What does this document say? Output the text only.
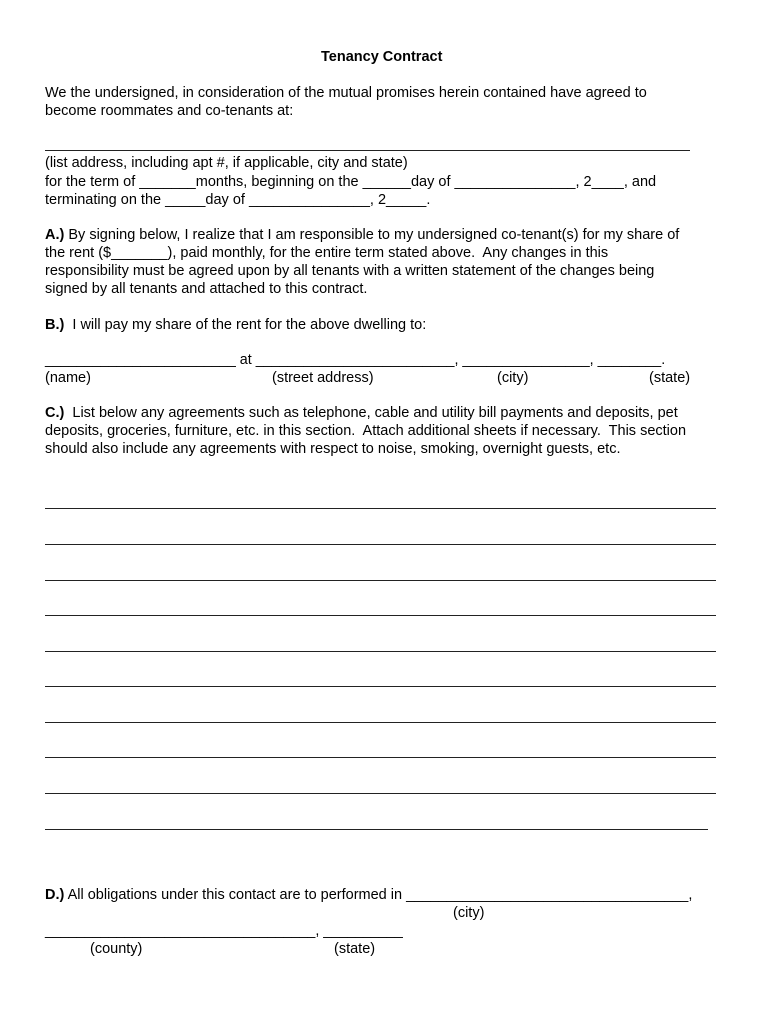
Tenancy Contract
We the undersigned, in consideration of the mutual promises herein contained have agreed to
become roommates and co-tenants at:
(list address, including apt #, if applicable, city and state)
for the term of _______months, beginning on the ______day of _______________, 2____, and
terminating on the _____day of _______________, 2_____.
A.) By signing below, I realize that I am responsible to my undersigned co-tenant(s) for my share of
the rent ($_______), paid monthly, for the entire term stated above.  Any changes in this
responsibility must be agreed upon by all tenants with a written statement of the changes being
signed by all tenants and attached to this contract.
B.)  I will pay my share of the rent for the above dwelling to:
________________________ at _________________________, ________________, ________.
(name)	(street address)	(city)	(state)
C.)  List below any agreements such as telephone, cable and utility bill payments and deposits, pet
deposits, groceries, furniture, etc. in this section.  Attach additional sheets if necessary.  This section
should also include any agreements with respect to noise, smoking, overnight guests, etc.
D.) All obligations under this contact are to performed in ___________________________________,
(city)
__________________________________, __________
(county)	(state)
